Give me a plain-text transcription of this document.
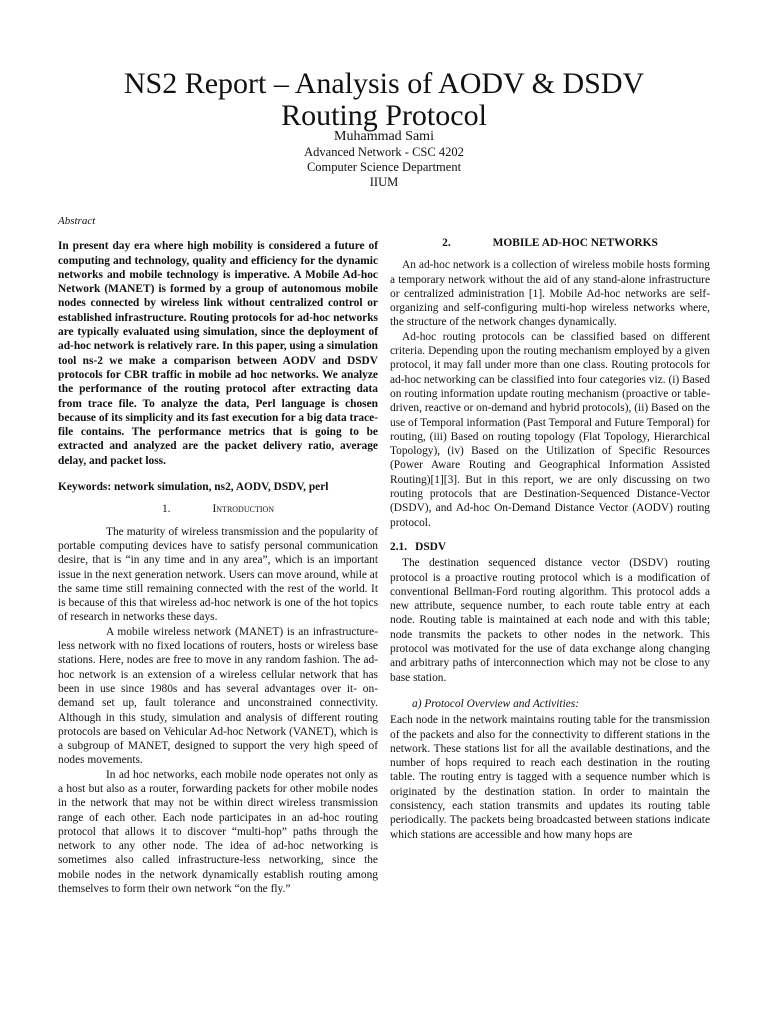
NS2 Report – Analysis of AODV & DSDV
Routing Protocol
Muhammad Sami
Advanced Network - CSC 4202
Computer Science Department
IIUM

Abstract

In present day era where high mobility is considered a future of computing and technology, quality and efficiency for the dynamic networks and mobile technology is imperative. A Mobile Ad-hoc Network (MANET) is formed by a group of autonomous mobile nodes connected by wireless link without centralized control or established infrastructure. Routing protocols for ad-hoc networks are typically evaluated using simulation, since the deployment of ad-hoc network is relatively rare. In this paper, using a simulation tool ns-2 we make a comparison between AODV and DSDV protocols for CBR traffic in mobile ad hoc networks. We analyze the performance of the routing protocol after extracting data from trace file. To analyze the data, Perl language is chosen because of its simplicity and its fast execution for a big data trace-file contains. The performance metrics that is going to be extracted and analyzed are the packet delivery ratio, average delay, and packet loss.

Keywords: network simulation, ns2, AODV, DSDV, perl

1.	Introduction

The maturity of wireless transmission and the popularity of portable computing devices have to satisfy personal communication desire, that is “in any time and in any area”, which is an important issue in the next generation network. Users can move around, while at the same time still remaining connected with the rest of the world. It is because of this that wireless ad-hoc network is one of the hot topics of research in networks these days.

A mobile wireless network (MANET) is an infrastructure-less network with no fixed locations of routers, hosts or wireless base stations. Here, nodes are free to move in any random fashion. The ad-hoc network is an extension of a wireless cellular network that has been in use since 1980s and has several advantages over it- on-demand set up, fault tolerance and unconstrained connectivity. Although in this study, simulation and analysis of different routing protocols are based on Vehicular Ad-hoc Network (VANET), which is a subgroup of MANET, designed to support the very high speed of nodes movements.

In ad hoc networks, each mobile node operates not only as a host but also as a router, forwarding packets for other mobile nodes in the network that may not be within direct wireless transmission range of each other. Each node participates in an ad-hoc routing protocol that allows it to discover “multi-hop” paths through the network to any other node. The idea of ad-hoc networking is sometimes also called infrastructure-less networking, since the mobile nodes in the network dynamically establish routing among themselves to form their own network “on the fly.”

2.	MOBILE AD-HOC NETWORKS

An ad-hoc network is a collection of wireless mobile hosts forming a temporary network without the aid of any stand-alone infrastructure or centralized administration [1]. Mobile Ad-hoc networks are self-organizing and self-configuring multi-hop wireless networks where, the structure of the network changes dynamically.

Ad-hoc routing protocols can be classified based on different criteria. Depending upon the routing mechanism employed by a given protocol, it may fall under more than one class. Routing protocols for ad-hoc networking can be classified into four categories viz. (i) Based on routing information update routing mechanism (proactive or table-driven, reactive or on-demand and hybrid protocols), (ii) Based on the use of Temporal information (Past Temporal and Future Temporal) for routing, (iii) Based on routing topology (Flat Topology, Hierarchical Topology), (iv) Based on the Utilization of Specific Resources (Power Aware Routing and Geographical Information Assisted Routing)[1][3]. But in this report, we are only discussing on two routing protocols that are Destination-Sequenced Distance-Vector (DSDV), and Ad-hoc On-Demand Distance Vector (AODV) routing protocol.

2.1. DSDV

The destination sequenced distance vector (DSDV) routing protocol is a proactive routing protocol which is a modification of conventional Bellman-Ford routing algorithm. This protocol adds a new attribute, sequence number, to each route table entry at each node. Routing table is maintained at each node and with this table; node transmits the packets to other nodes in the network. This protocol was motivated for the use of data exchange along changing and arbitrary paths of interconnection which may not be close to any base station.

a) Protocol Overview and Activities:

Each node in the network maintains routing table for the transmission of the packets and also for the connectivity to different stations in the network. These stations list for all the available destinations, and the number of hops required to reach each destination in the routing table. The routing entry is tagged with a sequence number which is originated by the destination station. In order to maintain the consistency, each station transmits and updates its routing table periodically. The packets being broadcasted between stations indicate which stations are accessible and how many hops are
